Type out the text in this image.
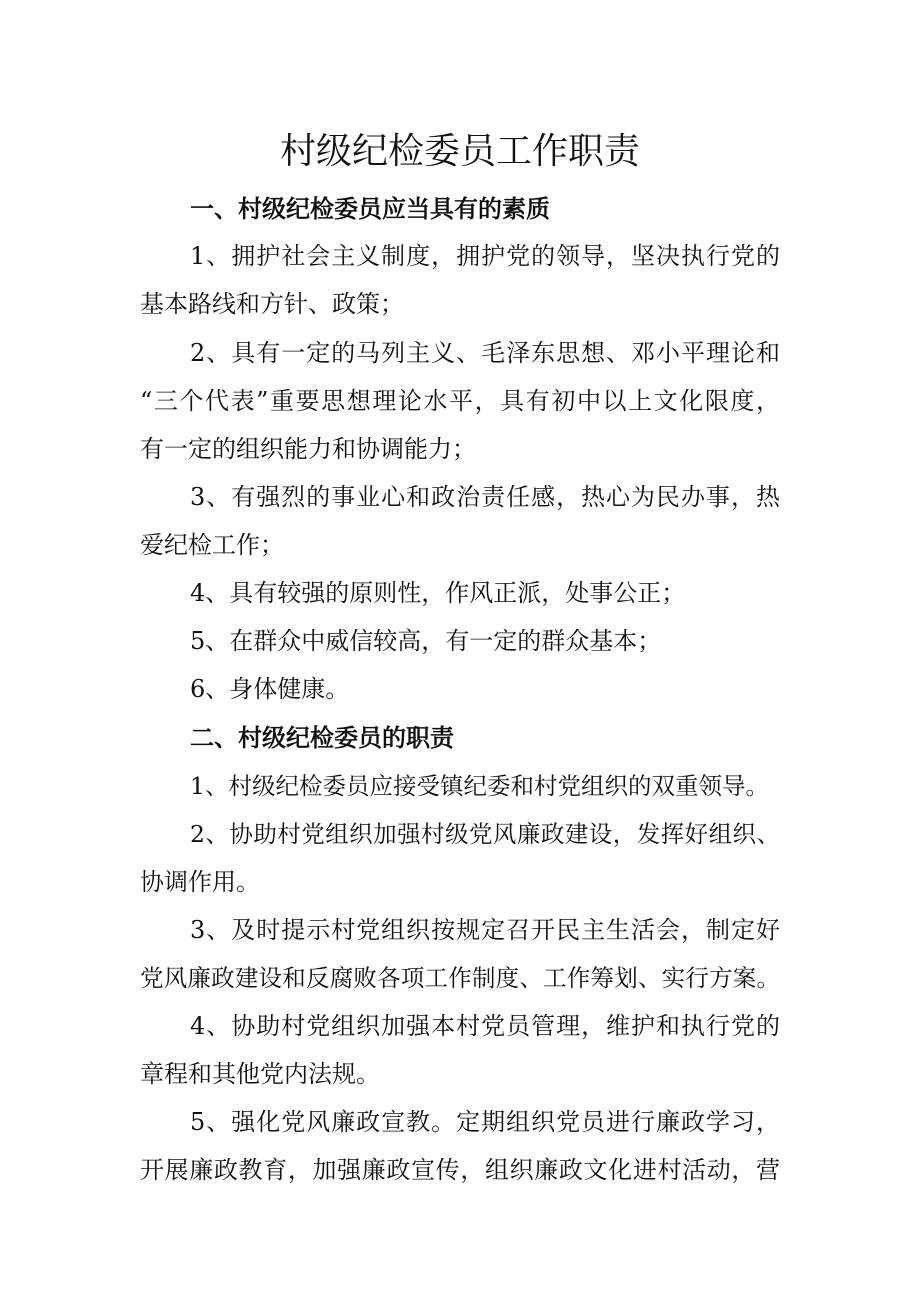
村级纪检委员工作职责
一、村级纪检委员应当具有的素质
1、拥护社会主义制度，拥护党的领导，坚决执行党的
基本路线和方针、政策；
2、具有一定的马列主义、毛泽东思想、邓小平理论和
“三个代表”重要思想理论水平，具有初中以上文化限度，
有一定的组织能力和协调能力；
3、有强烈的事业心和政治责任感，热心为民办事，热
爱纪检工作；
4、具有较强的原则性，作风正派，处事公正；
5、在群众中威信较高，有一定的群众基本；
6、身体健康。
二、村级纪检委员的职责
1、村级纪检委员应接受镇纪委和村党组织的双重领导。
2、协助村党组织加强村级党风廉政建设，发挥好组织、
协调作用。
3、及时提示村党组织按规定召开民主生活会，制定好
党风廉政建设和反腐败各项工作制度、工作筹划、实行方案。
4、协助村党组织加强本村党员管理，维护和执行党的
章程和其他党内法规。
5、强化党风廉政宣教。定期组织党员进行廉政学习，
开展廉政教育，加强廉政宣传，组织廉政文化进村活动，营
